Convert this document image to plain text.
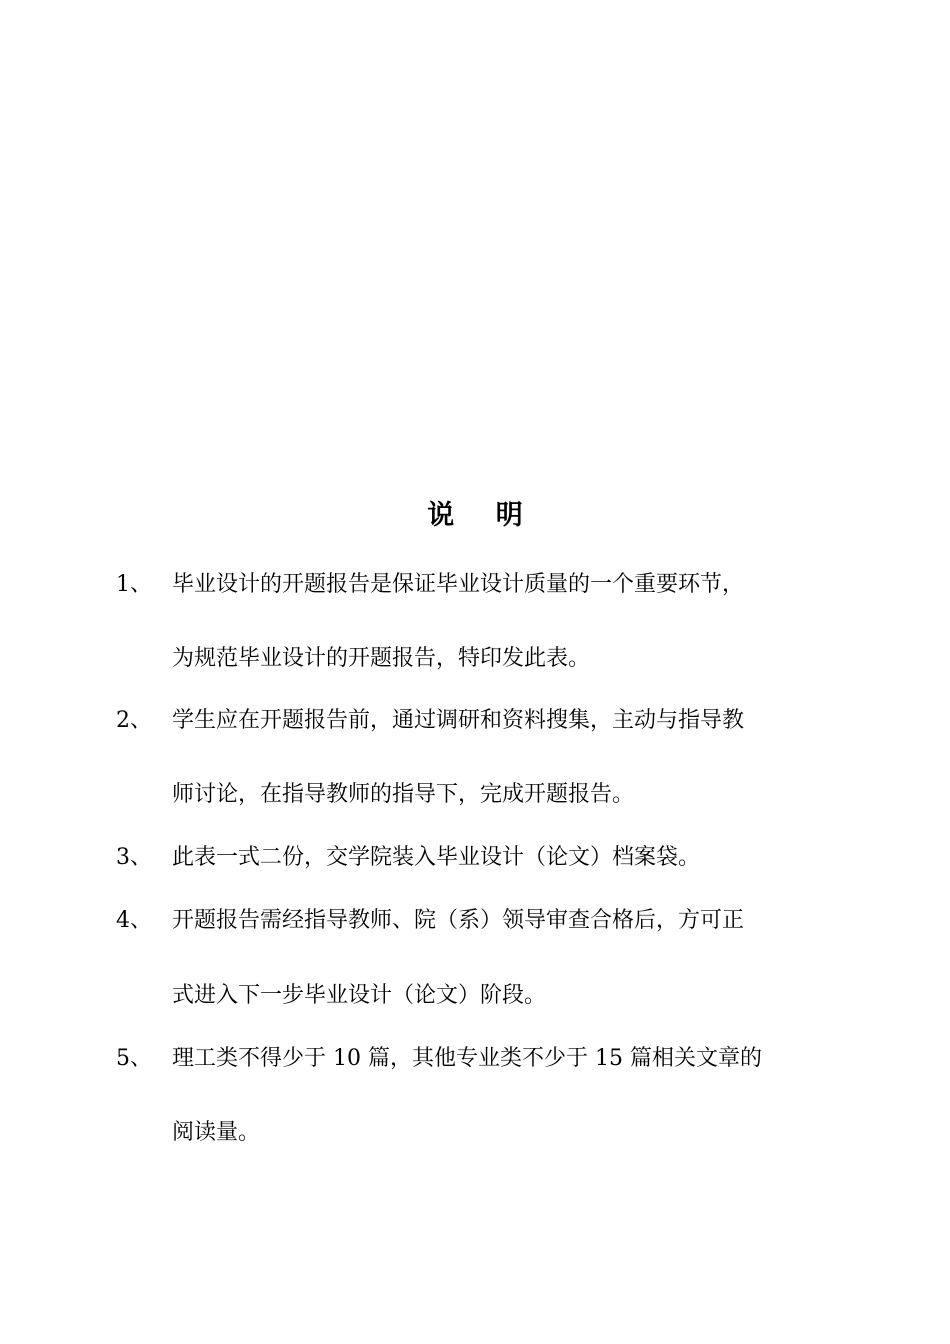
说 明
1、 毕业设计的开题报告是保证毕业设计质量的一个重要环节，
为规范毕业设计的开题报告，特印发此表。
2、 学生应在开题报告前，通过调研和资料搜集，主动与指导教
师讨论，在指导教师的指导下，完成开题报告。
3、 此表一式二份，交学院装入毕业设计（论文）档案袋。
4、 开题报告需经指导教师、院（系）领导审查合格后，方可正
式进入下一步毕业设计（论文）阶段。
5、 理工类不得少于 10 篇，其他专业类不少于 15 篇相关文章的
阅读量。
